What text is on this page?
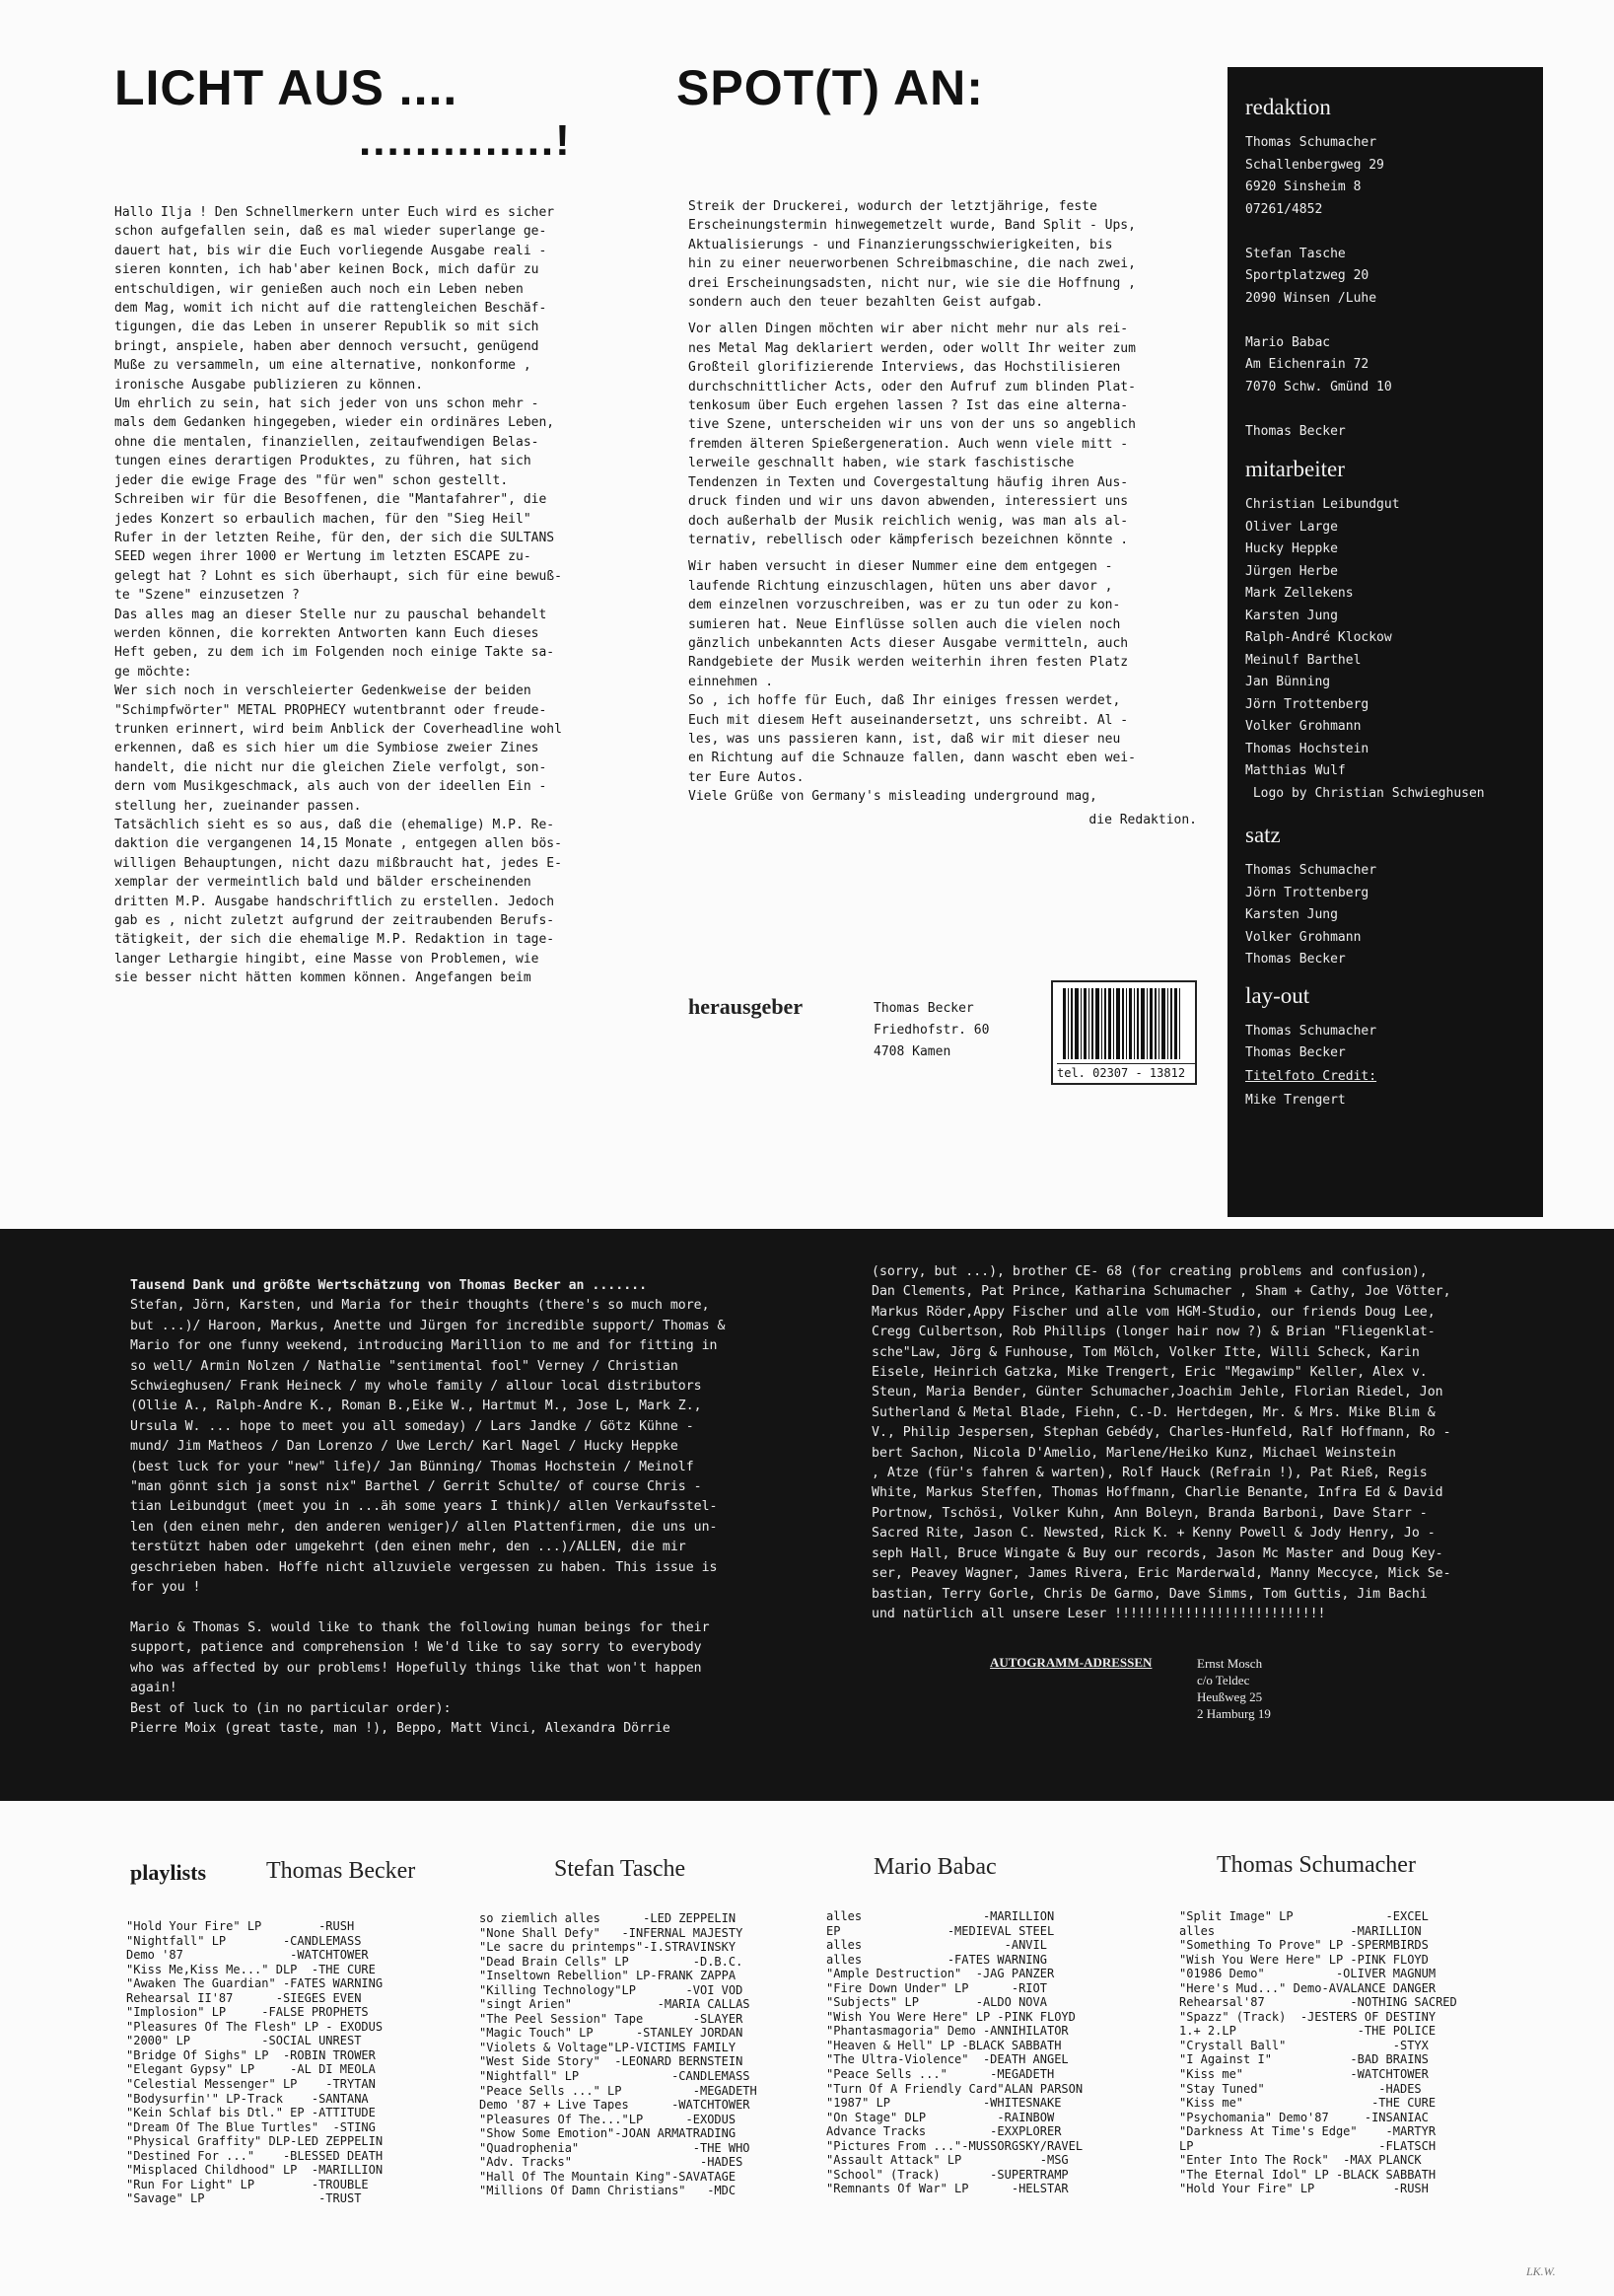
LICHT AUS ....	SPOT(T) AN:
..............!
Hallo Ilja ! Den Schnellmerkern unter Euch wird es sicher
schon aufgefallen sein, daß es mal wieder superlange ge-
dauert hat, bis wir die Euch vorliegende Ausgabe reali -
sieren konnten, ich hab'aber keinen Bock, mich dafür zu
entschuldigen, wir genießen auch noch ein Leben neben
dem Mag, womit ich nicht auf die rattengleichen Beschäf-
tigungen, die das Leben in unserer Republik so mit sich
bringt, anspiele, haben aber dennoch versucht, genügend
Muße zu versammeln, um eine alternative, nonkonforme ,
ironische Ausgabe publizieren zu können.
Um ehrlich zu sein, hat sich jeder von uns schon mehr -
mals dem Gedanken hingegeben, wieder ein ordinäres Leben,
ohne die mentalen, finanziellen, zeitaufwendigen Belas-
tungen eines derartigen Produktes, zu führen, hat sich
jeder die ewige Frage des "für wen" schon gestellt.
Schreiben wir für die Besoffenen, die "Mantafahrer", die
jedes Konzert so erbaulich machen, für den "Sieg Heil"
Rufer in der letzten Reihe, für den, der sich die SULTANS
SEED wegen ihrer 1000 er Wertung im letzten ESCAPE zu-
gelegt hat ? Lohnt es sich überhaupt, sich für eine bewuß-
te "Szene" einzusetzen ?
Das alles mag an dieser Stelle nur zu pauschal behandelt
werden können, die korrekten Antworten kann Euch dieses
Heft geben, zu dem ich im Folgenden noch einige Takte sa-
ge möchte:
Wer sich noch in verschleierter Gedenkweise der beiden
"Schimpfwörter" METAL PROPHECY wutentbrannt oder freude-
trunken erinnert, wird beim Anblick der Coverheadline wohl
erkennen, daß es sich hier um die Symbiose zweier Zines
handelt, die nicht nur die gleichen Ziele verfolgt, son-
dern vom Musikgeschmack, als auch von der ideellen Ein -
stellung her, zueinander passen.
Tatsächlich sieht es so aus, daß die (ehemalige) M.P. Re-
daktion die vergangenen 14,15 Monate , entgegen allen bös-
willigen Behauptungen, nicht dazu mißbraucht hat, jedes E-
xemplar der vermeintlich bald und bälder erscheinenden
dritten M.P. Ausgabe handschriftlich zu erstellen. Jedoch
gab es , nicht zuletzt aufgrund der zeitraubenden Berufs-
tätigkeit, der sich die ehemalige M.P. Redaktion in tage-
langer Lethargie hingibt, eine Masse von Problemen, wie
sie besser nicht hätten kommen können. Angefangen beim
Streik der Druckerei, wodurch der letztjährige, feste
Erscheinungstermin hinwegemetzelt wurde, Band Split - Ups,
Aktualisierungs - und Finanzierungsschwierigkeiten, bis
hin zu einer neuerworbenen Schreibmaschine, die nach zwei,
drei Erscheinungsadsten, nicht nur, wie sie die Hoffnung ,
sondern auch den teuer bezahlten Geist aufgab.
Vor allen Dingen möchten wir aber nicht mehr nur als rei-
nes Metal Mag deklariert werden, oder wollt Ihr weiter zum
Großteil glorifizierende Interviews, das Hochstilisieren
durchschnittlicher Acts, oder den Aufruf zum blinden Plat-
tenkosum über Euch ergehen lassen ? Ist das eine alterna-
tive Szene, unterscheiden wir uns von der uns so angeblich
fremden älteren Spießergeneration. Auch wenn viele mitt -
lerweile geschnallt haben, wie stark faschistische
Tendenzen in Texten und Covergestaltung häufig ihren Aus-
druck finden und wir uns davon abwenden, interessiert uns
doch außerhalb der Musik reichlich wenig, was man als al-
ternativ, rebellisch oder kämpferisch bezeichnen könnte .
Wir haben versucht in dieser Nummer eine dem entgegen -
laufende Richtung einzuschlagen, hüten uns aber davor ,
dem einzelnen vorzuschreiben, was er zu tun oder zu kon-
sumieren hat. Neue Einflüsse sollen auch die vielen noch
gänzlich unbekannten Acts dieser Ausgabe vermitteln, auch
Randgebiete der Musik werden weiterhin ihren festen Platz
einnehmen .
So , ich hoffe für Euch, daß Ihr einiges fressen werdet,
Euch mit diesem Heft auseinandersetzt, uns schreibt. Al -
les, was uns passieren kann, ist, daß wir mit dieser neu
en Richtung auf die Schnauze fallen, dann wascht eben wei-
ter Eure Autos.
Viele Grüße von Germany's misleading underground mag,
die Redaktion.
herausgeber	Thomas Becker
Friedhofstr. 60
4708 Kamen
tel. 02307 - 13812
redaktion
Thomas Schumacher
Schallenbergweg 29
6920 Sinsheim 8
07261/4852

Stefan Tasche
Sportplatzweg 20
2090 Winsen /Luhe

Mario Babac
Am Eichenrain 72
7070 Schw. Gmünd 10

Thomas Becker
mitarbeiter
Christian Leibundgut
Oliver Large
Hucky Heppke
Jürgen Herbe
Mark Zellekens
Karsten Jung
Ralph-André Klockow
Meinulf Barthel
Jan Bünning
Jörn Trottenberg
Volker Grohmann
Thomas Hochstein
Matthias Wulf
Logo by Christian Schwieghusen
satz
Thomas Schumacher
Jörn Trottenberg
Karsten Jung
Volker Grohmann
Thomas Becker
lay-out
Thomas Schumacher
Thomas Becker
Titelfoto Credit:
Mike Trengert
Tausend Dank und größte Wertschätzung von Thomas Becker an .......
Stefan, Jörn, Karsten, und Maria for their thoughts (there's so much more,
but ...)/ Haroon, Markus, Anette und Jürgen for incredible support/ Thomas &
Mario for one funny weekend, introducing Marillion to me and for fitting in
so well/ Armin Nolzen / Nathalie "sentimental fool" Verney / Christian
Schwieghusen/ Frank Heineck / my whole family / allour local distributors
(Ollie A., Ralph-Andre K., Roman B.,Eike W., Hartmut M., Jose L, Mark Z.,
Ursula W. ... hope to meet you all someday) / Lars Jandke / Götz Kühne -
mund/ Jim Matheos / Dan Lorenzo / Uwe Lerch/ Karl Nagel / Hucky Heppke
(best luck for your "new" life)/ Jan Bünning/ Thomas Hochstein / Meinolf
"man gönnt sich ja sonst nix" Barthel / Gerrit Schulte/ of course Chris -
tian Leibundgut (meet you in ...äh some years I think)/ allen Verkaufsstel-
len (den einen mehr, den anderen weniger)/ allen Plattenfirmen, die uns un-
terstützt haben oder umgekehrt (den einen mehr, den ...)/ALLEN, die mir
geschrieben haben. Hoffe nicht allzuviele vergessen zu haben. This issue is
for you !

Mario & Thomas S. would like to thank the following human beings for their
support, patience and comprehension ! We'd like to say sorry to everybody
who was affected by our problems! Hopefully things like that won't happen
again!
Best of luck to (in no particular order):
Pierre Moix (great taste, man !), Beppo, Matt Vinci, Alexandra Dörrie
(sorry, but ...), brother CE- 68 (for creating problems and confusion),
Dan Clements, Pat Prince, Katharina Schumacher , Sham + Cathy, Joe Vötter,
Markus Röder,Appy Fischer und alle vom HGM-Studio, our friends Doug Lee,
Cregg Culbertson, Rob Phillips (longer hair now ?) & Brian "Fliegenklat-
sche"Law, Jörg & Funhouse, Tom Mölch, Volker Itte, Willi Scheck, Karin
Eisele, Heinrich Gatzka, Mike Trengert, Eric "Megawimp" Keller, Alex v.
Steun, Maria Bender, Günter Schumacher,Joachim Jehle, Florian Riedel, Jon
Sutherland & Metal Blade, Fiehn, C.-D. Hertdegen, Mr. & Mrs. Mike Blim &
V., Philip Jespersen, Stephan Gebédy, Charles-Hunfeld, Ralf Hoffmann, Ro -
bert Sachon, Nicola D'Amelio, Marlene/Heiko Kunz, Michael Weinstein
, Atze (für's fahren & warten), Rolf Hauck (Refrain !), Pat Rieß, Regis
White, Markus Steffen, Thomas Hoffmann, Charlie Benante, Infra Ed & David
Portnow, Tschösi, Volker Kuhn, Ann Boleyn, Branda Barboni, Dave Starr -
Sacred Rite, Jason C. Newsted, Rick K. + Kenny Powell & Jody Henry, Jo -
seph Hall, Bruce Wingate & Buy our records, Jason Mc Master and Doug Key-
ser, Peavey Wagner, James Rivera, Eric Marderwald, Manny Meccyce, Mick Se-
bastian, Terry Gorle, Chris De Garmo, Dave Simms, Tom Guttis, Jim Bachi
und natürlich all unsere Leser !!!!!!!!!!!!!!!!!!!!!!!!!!!
AUTOGRAMM-ADRESSEN	Ernst Mosch
c/o Teldec
Heußweg 25
2 Hamburg 19
playlists	Thomas Becker	Stefan Tasche	Mario Babac	Thomas Schumacher
"Hold Your Fire" LP        -RUSH
"Nightfall" LP        -CANDLEMASS
Demo '87               -WATCHTOWER
"Kiss Me,Kiss Me..." DLP  -THE CURE
"Awaken The Guardian" -FATES WARNING
Rehearsal II'87      -SIEGES EVEN
"Implosion" LP     -FALSE PROPHETS
"Pleasures Of The Flesh" LP - EXODUS
"2000" LP          -SOCIAL UNREST
"Bridge Of Sighs" LP  -ROBIN TROWER
"Elegant Gypsy" LP     -AL DI MEOLA
"Celestial Messenger" LP    -TRYTAN
"Bodysurfin'" LP-Track    -SANTANA
"Kein Schlaf bis Dtl." EP -ATTITUDE
"Dream Of The Blue Turtles"  -STING
"Physical Graffity" DLP-LED ZEPPELIN
"Destined For ..."    -BLESSED DEATH
"Misplaced Childhood" LP  -MARILLION
"Run For Light" LP        -TROUBLE
"Savage" LP                -TRUST
so ziemlich alles      -LED ZEPPELIN
"None Shall Defy"   -INFERNAL MAJESTY
"Le sacre du printemps"-I.STRAVINSKY
"Dead Brain Cells" LP         -D.B.C.
"Inseltown Rebellion" LP-FRANK ZAPPA
"Killing Technology"LP       -VOI VOD
"singt Arien"            -MARIA CALLAS
"The Peel Session" Tape       -SLAYER
"Magic Touch" LP      -STANLEY JORDAN
"Violets & Voltage"LP-VICTIMS FAMILY
"West Side Story"  -LEONARD BERNSTEIN
"Nightfall" LP             -CANDLEMASS
"Peace Sells ..." LP          -MEGADETH
Demo '87 + Live Tapes      -WATCHTOWER
"Pleasures Of The..."LP      -EXODUS
"Show Some Emotion"-JOAN ARMATRADING
"Quadrophenia"                -THE WHO
"Adv. Tracks"                  -HADES
"Hall Of The Mountain King"-SAVATAGE
"Millions Of Damn Christians"   -MDC
alles                 -MARILLION
EP               -MEDIEVAL STEEL
alles                    -ANVIL
alles            -FATES WARNING
"Ample Destruction"  -JAG PANZER
"Fire Down Under" LP      -RIOT
"Subjects" LP        -ALDO NOVA
"Wish You Were Here" LP -PINK FLOYD
"Phantasmagoria" Demo -ANNIHILATOR
"Heaven & Hell" LP -BLACK SABBATH
"The Ultra-Violence"  -DEATH ANGEL
"Peace Sells ..."      -MEGADETH
"Turn Of A Friendly Card"ALAN PARSON
"1987" LP             -WHITESNAKE
"On Stage" DLP          -RAINBOW
Advance Tracks         -EXXPLORER
"Pictures From ..."-MUSSORGSKY/RAVEL
"Assault Attack" LP           -MSG
"School" (Track)       -SUPERTRAMP
"Remnants Of War" LP      -HELSTAR
"Split Image" LP             -EXCEL
alles                   -MARILLION
"Something To Prove" LP -SPERMBIRDS
"Wish You Were Here" LP -PINK FLOYD
"01986 Demo"          -OLIVER MAGNUM
"Here's Mud..." Demo-AVALANCE DANGER
Rehearsal'87            -NOTHING SACRED
"Spazz" (Track)  -JESTERS OF DESTINY
1.+ 2.LP                 -THE POLICE
"Crystall Ball"               -STYX
"I Against I"           -BAD BRAINS
"Kiss me"               -WATCHTOWER
"Stay Tuned"                -HADES
"Kiss me"                  -THE CURE
"Psychomania" Demo'87     -INSANIAC
"Darkness At Time's Edge"    -MARTYR
LP                          -FLATSCH
"Enter Into The Rock"  -MAX PLANCK
"The Eternal Idol" LP -BLACK SABBATH
"Hold Your Fire" LP           -RUSH
LK.W.
